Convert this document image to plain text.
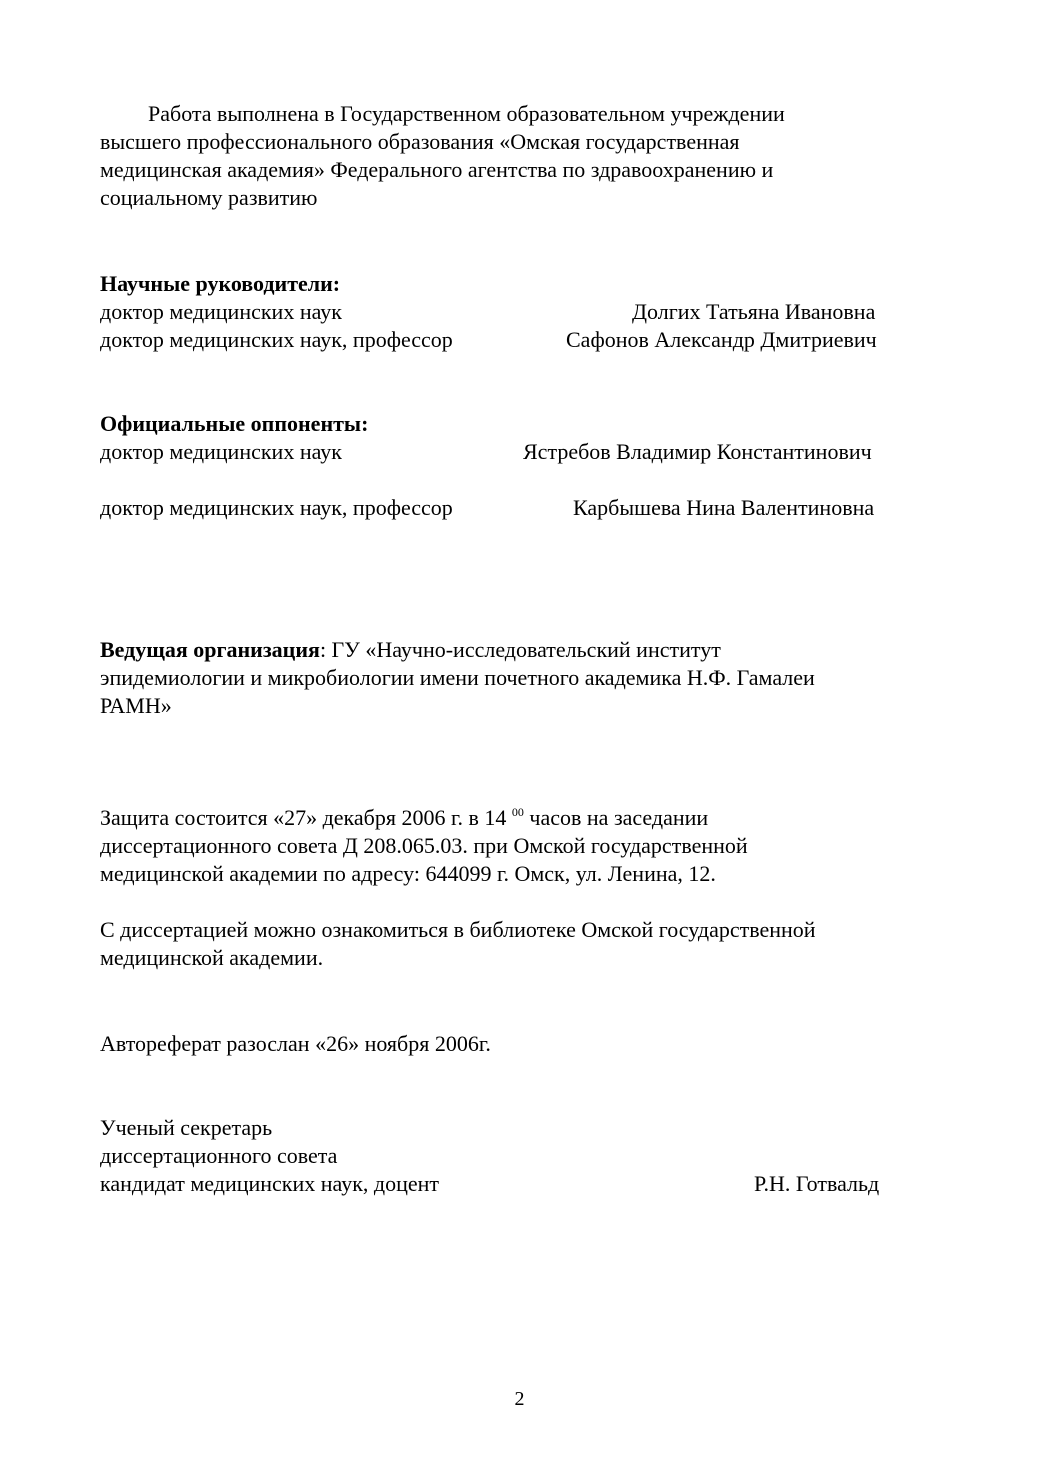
Работа выполнена в Государственном образовательном учреждении
высшего профессионального образования «Омская государственная
медицинская академия» Федерального агентства по здравоохранению и
социальному развитию
Научные руководители:
доктор медицинских наук	Долгих Татьяна Ивановна
доктор медицинских наук, профессор	Сафонов Александр Дмитриевич
Официальные оппоненты:
доктор медицинских наук	Ястребов Владимир Константинович
доктор медицинских наук, профессор	Карбышева Нина Валентиновна
Ведущая организация: ГУ «Научно-исследовательский институт
эпидемиологии и микробиологии имени почетного академика Н.Ф. Гамалеи
РАМН»
Защита состоится «27» декабря 2006 г. в 14 $^{00}$ часов на заседании
диссертационного совета Д 208.065.03. при Омской государственной
медицинской академии по адресу: 644099 г. Омск, ул. Ленина, 12.
С диссертацией можно ознакомиться в библиотеке Омской государственной
медицинской академии.
Автореферат разослан «26» ноября 2006г.
Ученый секретарь
диссертационного совета
кандидат медицинских наук, доцент	Р.Н. Готвальд
2
